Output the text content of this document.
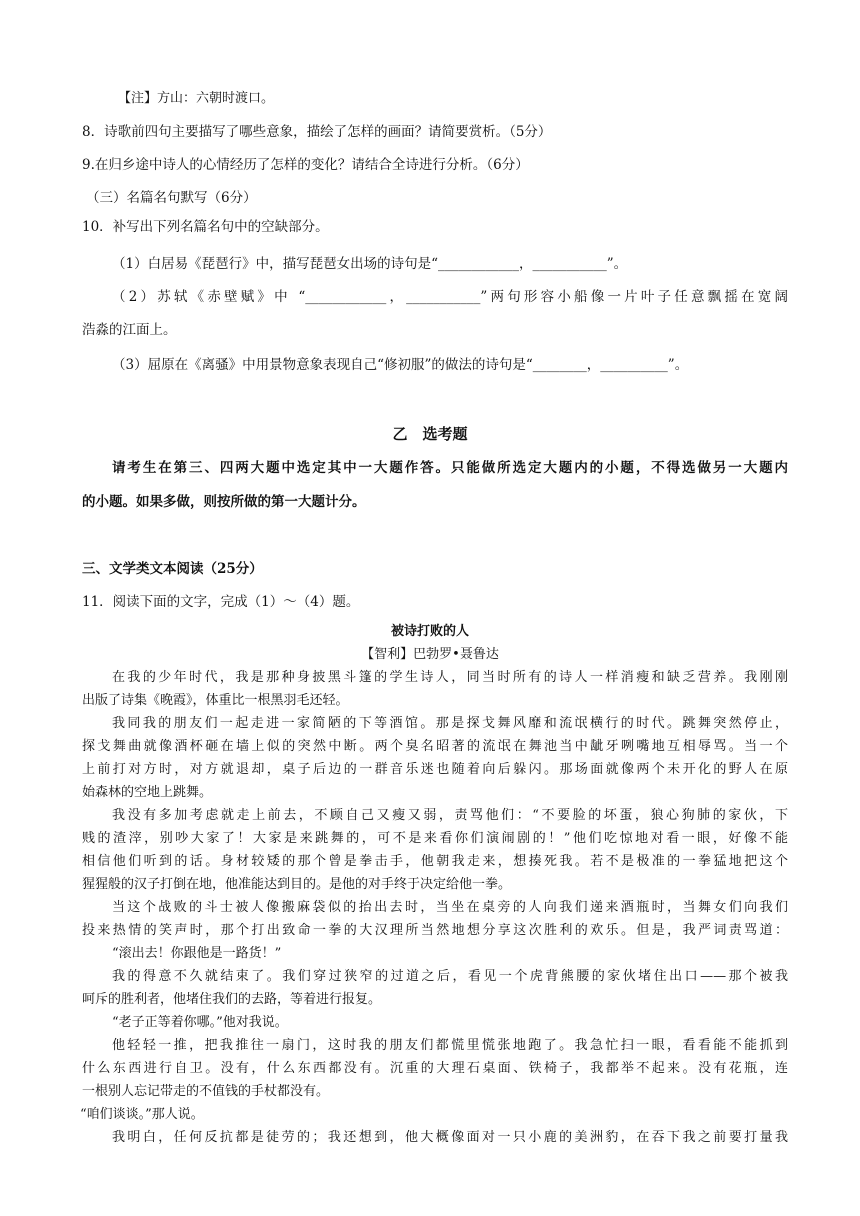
【注】方山：六朝时渡口。
8．诗歌前四句主要描写了哪些意象，描绘了怎样的画面？请简要赏析。（5分）
9.在归乡途中诗人的心情经历了怎样的变化？请结合全诗进行分析。（6分）
（三）名篇名句默写（6分）
10．补写出下列名篇名句中的空缺部分。
（1）白居易《琵琶行》中，描写琵琶女出场的诗句是“____________，___________”。
（2）苏轼《赤壁赋》中 “____________，___________”两句形容小船像一片叶子任意飘摇在宽阔
浩淼的江面上。
（3）屈原在《离骚》中用景物意象表现自己“修初服”的做法的诗句是“________，__________”。
乙　选考题
请考生在第三、四两大题中选定其中一大题作答。只能做所选定大题内的小题，不得选做另一大题内
的小题。如果多做，则按所做的第一大题计分。
三、文学类文本阅读（25分）
11．阅读下面的文字，完成（1）～（4）题。
被诗打败的人
【智利】巴勃罗•聂鲁达
在我的少年时代，我是那种身披黑斗篷的学生诗人，同当时所有的诗人一样消瘦和缺乏营养。我刚刚
出版了诗集《晚霞》，体重比一根黑羽毛还轻。
我同我的朋友们一起走进一家简陋的下等酒馆。那是探戈舞风靡和流氓横行的时代。跳舞突然停止，
探戈舞曲就像酒杯砸在墙上似的突然中断。两个臭名昭著的流氓在舞池当中龇牙咧嘴地互相辱骂。当一个
上前打对方时，对方就退却，桌子后边的一群音乐迷也随着向后躲闪。那场面就像两个未开化的野人在原
始森林的空地上跳舞。
我没有多加考虑就走上前去，不顾自己又瘦又弱，责骂他们：“不要脸的坏蛋，狼心狗肺的家伙，下
贱的渣滓，别吵大家了！大家是来跳舞的，可不是来看你们演闹剧的！”他们吃惊地对看一眼，好像不能
相信他们听到的话。身材较矮的那个曾是拳击手，他朝我走来，想揍死我。若不是极准的一拳猛地把这个
猩猩般的汉子打倒在地，他准能达到目的。是他的对手终于决定给他一拳。
当这个战败的斗士被人像搬麻袋似的抬出去时，当坐在桌旁的人向我们递来酒瓶时，当舞女们向我们
投来热情的笑声时，那个打出致命一拳的大汉理所当然地想分享这次胜利的欢乐。但是，我严词责骂道：
“滚出去！你跟他是一路货！”
我的得意不久就结束了。我们穿过狭窄的过道之后，看见一个虎背熊腰的家伙堵住出口——那个被我
呵斥的胜利者，他堵住我们的去路，等着进行报复。
“老子正等着你哪。”他对我说。
他轻轻一推，把我推往一扇门，这时我的朋友们都慌里慌张地跑了。我急忙扫一眼，看看能不能抓到
什么东西进行自卫。没有，什么东西都没有。沉重的大理石桌面、铁椅子，我都举不起来。没有花瓶，连
一根别人忘记带走的不值钱的手杖都没有。
“咱们谈谈。”那人说。
我明白，任何反抗都是徒劳的；我还想到，他大概像面对一只小鹿的美洲豹，在吞下我之前要打量我
